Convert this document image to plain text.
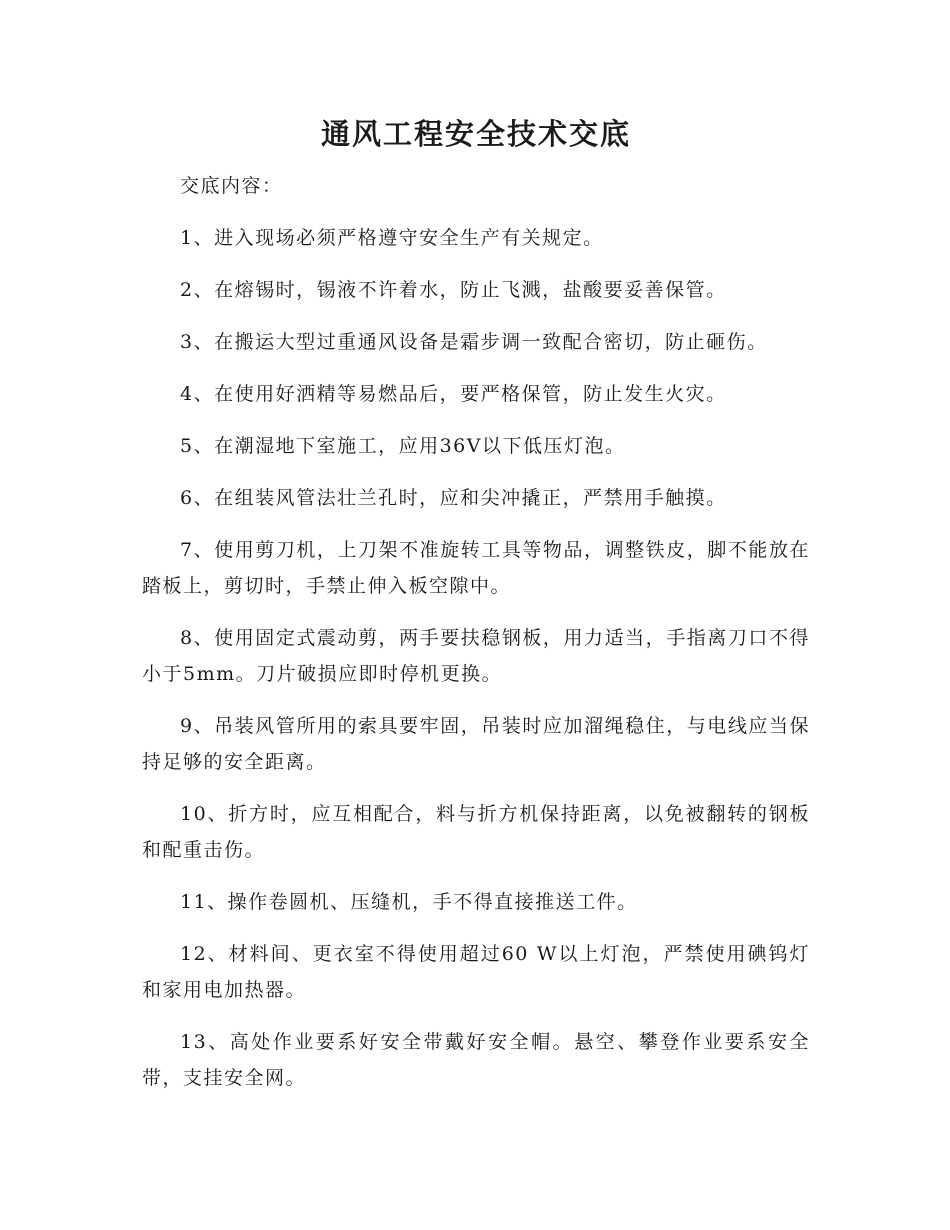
通风工程安全技术交底

交底内容：

1、进入现场必须严格遵守安全生产有关规定。

2、在熔锡时，锡液不许着水，防止飞溅，盐酸要妥善保管。

3、在搬运大型过重通风设备是霜步调一致配合密切，防止砸伤。

4、在使用好洒精等易燃品后，要严格保管，防止发生火灾。

5、在潮湿地下室施工，应用36V以下低压灯泡。

6、在组装风管法壮兰孔时，应和尖冲撬正，严禁用手触摸。

7、使用剪刀机，上刀架不准旋转工具等物品，调整铁皮，脚不能放在踏板上，剪切时，手禁止伸入板空隙中。

8、使用固定式震动剪，两手要扶稳钢板，用力适当，手指离刀口不得小于5mm。刀片破损应即时停机更换。

9、吊装风管所用的索具要牢固，吊装时应加溜绳稳住，与电线应当保持足够的安全距离。

10、折方时，应互相配合，料与折方机保持距离，以免被翻转的钢板和配重击伤。

11、操作卷圆机、压缝机，手不得直接推送工件。

12、材料间、更衣室不得使用超过60 W以上灯泡，严禁使用碘钨灯和家用电加热器。

13、高处作业要系好安全带戴好安全帽。悬空、攀登作业要系安全带，支挂安全网。
